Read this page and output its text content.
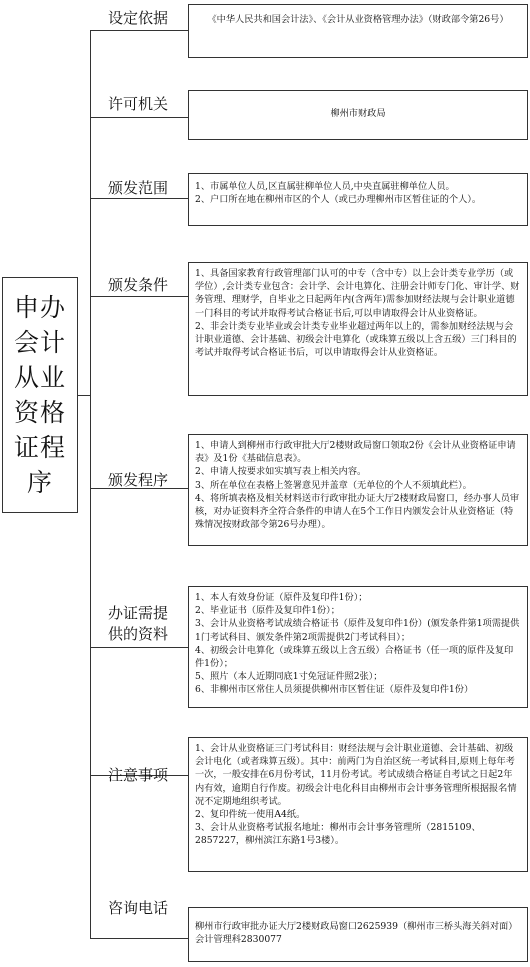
申办会计从业资格证程序
设定依据	《中华人民共和国会计法》、《会计从业资格管理办法》（财政部令第26号）

许可机关

柳州市财政局

颁发范围	1、市属单位人员,区直属驻柳单位人员,中央直属驻柳单位人员。

2、户口所在地在柳州市区的个人（或已办理柳州市区暂住证的个人）。

颁发条件

1、具备国家教育行政管理部门认可的中专（含中专）以上会计类专业学历（或学位）,会计类专业包含：会计学、会计电算化、注册会计师专门化、审计学、财务管理、理财学，自毕业之日起两年内(含两年)需参加财经法规与会计职业道德一门科目的考试并取得考试合格证书后,可以申请取得会计从业资格证。

2、非会计类专业毕业或会计类专业毕业超过两年以上的，需参加财经法规与会计职业道德、会计基础、初级会计电算化（或珠算五级以上含五级）三门科目的考试并取得考试合格证书后，可以申请取得会计从业资格证。

颁发程序

1、申请人到柳州市行政审批大厅2楼财政局窗口领取2份《会计从业资格证申请表》及1份《基础信息表》。

2、申请人按要求如实填写表上相关内容。

3、所在单位在表格上签署意见并盖章（无单位的个人不须填此栏）。

4、将所填表格及相关材料送市行政审批办证大厅2楼财政局窗口，经办事人员审核，对办证资料齐全符合条件的申请人在5个工作日内颁发会计从业资格证（特殊情况按财政部令第26号办理）。

办证需提供的资料

1、本人有效身份证（原件及复印件1份）；

2、毕业证书（原件及复印件1份）；

3、会计从业资格考试成绩合格证书（原件及复印件1份）(颁发条件第1项需提供1门考试科目、颁发条件第2项需提供2门考试科目）；

4、初级会计电算化（或珠算五级以上含五级）合格证书（任一项的原件及复印件1份）；

5、照片（本人近期同底1寸免冠证件照2张）；

6、非柳州市区常住人员须提供柳州市区暂住证（原件及复印件1份）

注意事项

1、会计从业资格证三门考试科目：财经法规与会计职业道德、会计基础、初级会计电化（或者珠算五级）。其中：前两门为自治区统一考试科目,原则上每年考一次，一般安排在6月份考试，11月份考试。考试成绩合格证自考试之日起2年内有效，逾期自行作废。初级会计电化科目由柳州市会计事务管理所根据报名情况不定期地组织考试。

2、复印件统一使用A4纸。

3、会计从业资格考试报名地址：柳州市会计事务管理所（2815109、2857227，柳州滨江东路1号3楼）。

咨询电话

柳州市行政审批办证大厅2楼财政局窗口2625939（柳州市三桥头海关斜对面） 会计管理科2830077
